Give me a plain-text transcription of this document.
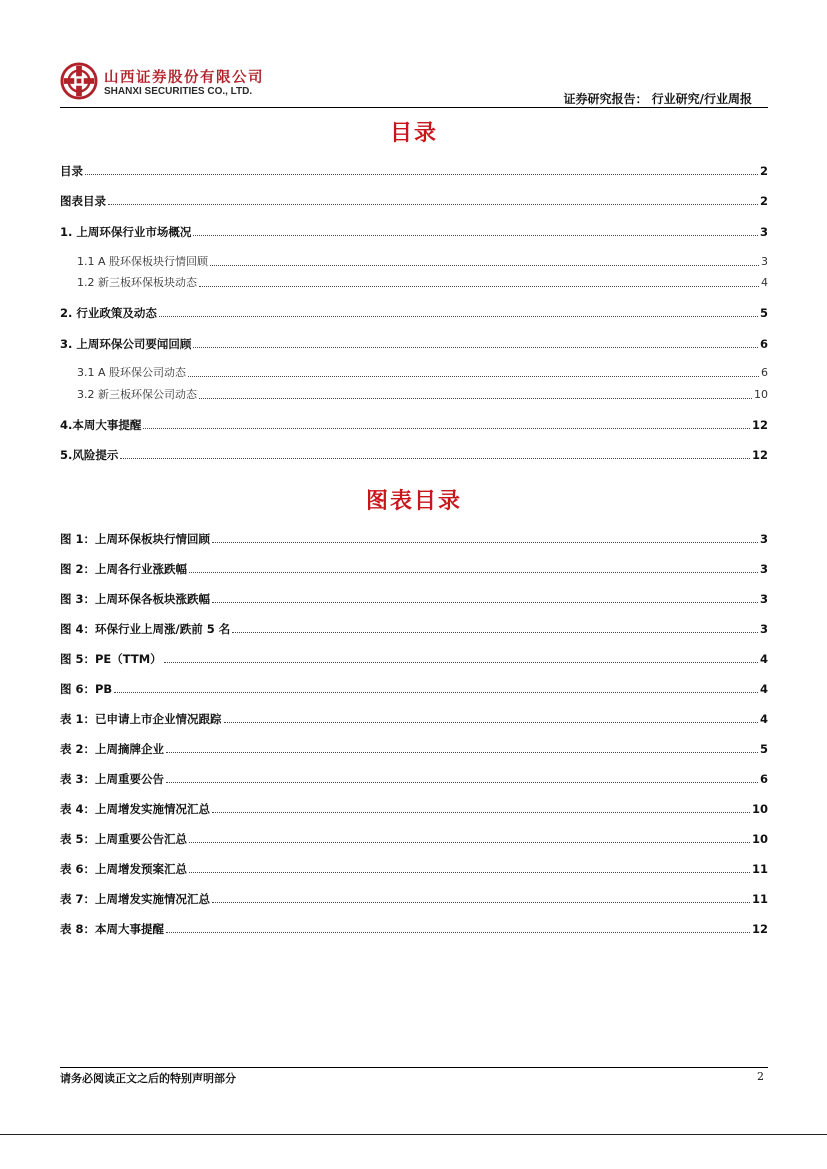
山西证券股份有限公司
SHANXI SECURITIES CO., LTD.
证券研究报告： 行业研究/行业周报
目录
目录	2
图表目录	2
1. 上周环保行业市场概况	3
1.1 A 股环保板块行情回顾	3
1.2 新三板环保板块动态	4
2. 行业政策及动态	5
3. 上周环保公司要闻回顾	6
3.1 A 股环保公司动态	6
3.2 新三板环保公司动态	10
4.本周大事提醒	12
5.风险提示	12
图表目录
图 1：上周环保板块行情回顾	3
图 2：上周各行业涨跌幅	3
图 3：上周环保各板块涨跌幅	3
图 4：环保行业上周涨/跌前 5 名	3
图 5：PE（TTM）	4
图 6：PB	4
表 1：已申请上市企业情况跟踪	4
表 2：上周摘牌企业	5
表 3：上周重要公告	6
表 4：上周增发实施情况汇总	10
表 5：上周重要公告汇总	10
表 6：上周增发预案汇总	11
表 7：上周增发实施情况汇总	11
表 8：本周大事提醒	12
请务必阅读正文之后的特别声明部分	2
